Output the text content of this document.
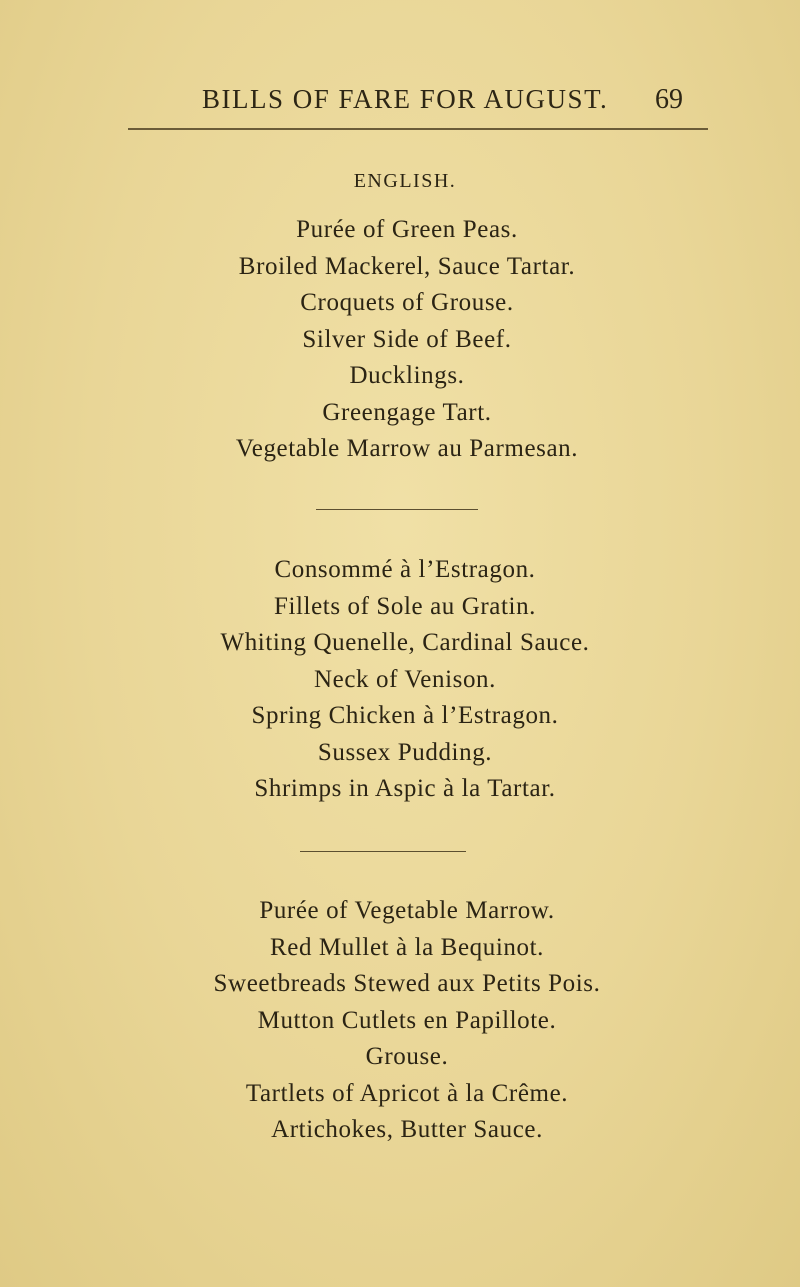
BILLS OF FARE FOR AUGUST. 69
ENGLISH.
Purée of Green Peas.
Broiled Mackerel, Sauce Tartar.
Croquets of Grouse.
Silver Side of Beef.
Ducklings.
Greengage Tart.
Vegetable Marrow au Parmesan.
Consommé à l’Estragon.
Fillets of Sole au Gratin.
Whiting Quenelle, Cardinal Sauce.
Neck of Venison.
Spring Chicken à l’Estragon.
Sussex Pudding.
Shrimps in Aspic à la Tartar.
Purée of Vegetable Marrow.
Red Mullet à la Bequinot.
Sweetbreads Stewed aux Petits Pois.
Mutton Cutlets en Papillote.
Grouse.
Tartlets of Apricot à la Crême.
Artichokes, Butter Sauce.
